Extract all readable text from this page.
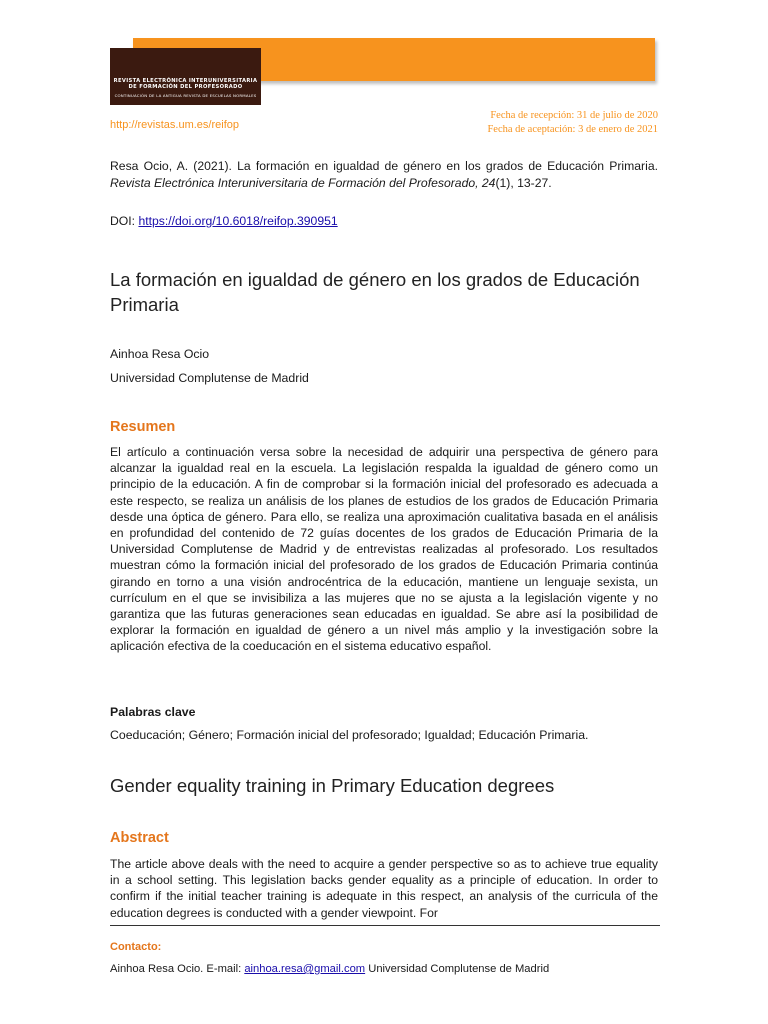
REVISTA ELECTRÓNICA INTERUNIVERSITARIA
DE FORMACIÓN DEL PROFESORADO
CONTINUACIÓN DE LA ANTIGUA REVISTA DE ESCUELAS NORMALES
http://revistas.um.es/reifop
Fecha de recepción: 31 de julio de 2020
Fecha de aceptación: 3 de enero de 2021
Resa Ocio, A. (2021). La formación en igualdad de género en los grados de Educación Primaria. Revista Electrónica Interuniversitaria de Formación del Profesorado, 24(1), 13-27.
DOI: https://doi.org/10.6018/reifop.390951
La formación en igualdad de género en los grados de Educación Primaria
Ainhoa Resa Ocio
Universidad Complutense de Madrid
Resumen
El artículo a continuación versa sobre la necesidad de adquirir una perspectiva de género para alcanzar la igualdad real en la escuela. La legislación respalda la igualdad de género como un principio de la educación. A fin de comprobar si la formación inicial del profesorado es adecuada a este respecto, se realiza un análisis de los planes de estudios de los grados de Educación Primaria desde una óptica de género. Para ello, se realiza una aproximación cualitativa basada en el análisis en profundidad del contenido de 72 guías docentes de los grados de Educación Primaria de la Universidad Complutense de Madrid y de entrevistas realizadas al profesorado. Los resultados muestran cómo la formación inicial del profesorado de los grados de Educación Primaria continúa girando en torno a una visión androcéntrica de la educación, mantiene un lenguaje sexista, un currículum en el que se invisibiliza a las mujeres que no se ajusta a la legislación vigente y no garantiza que las futuras generaciones sean educadas en igualdad. Se abre así la posibilidad de explorar la formación en igualdad de género a un nivel más amplio y la investigación sobre la aplicación efectiva de la coeducación en el sistema educativo español.
Palabras clave
Coeducación; Género; Formación inicial del profesorado; Igualdad; Educación Primaria.
Gender equality training in Primary Education degrees
Abstract
The article above deals with the need to acquire a gender perspective so as to achieve true equality in a school setting. This legislation backs gender equality as a principle of education. In order to confirm if the initial teacher training is adequate in this respect, an analysis of the curricula of the education degrees is conducted with a gender viewpoint. For
Contacto:
Ainhoa Resa Ocio. E-mail: ainhoa.resa@gmail.com Universidad Complutense de Madrid
